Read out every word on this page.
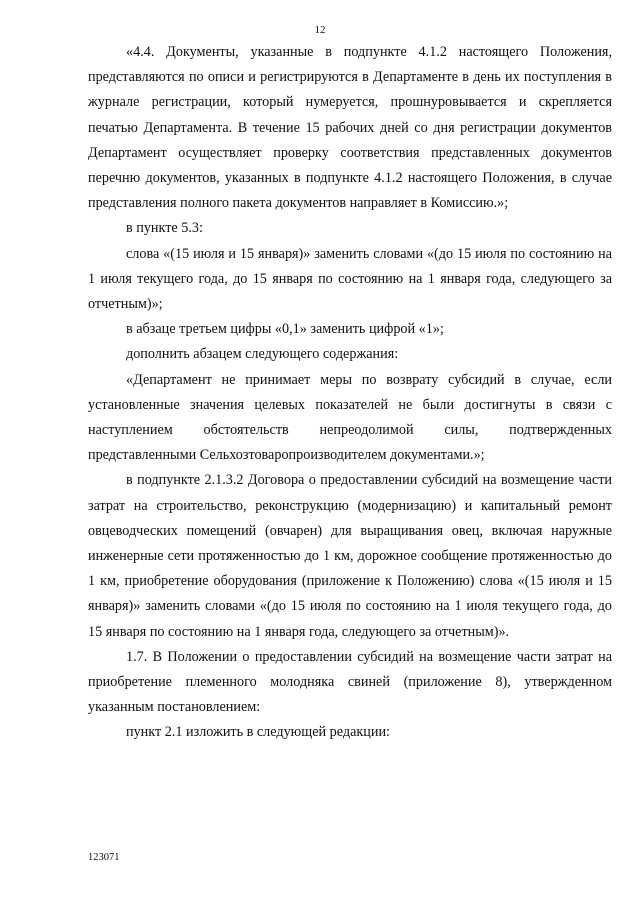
12

«4.4. Документы, указанные в подпункте 4.1.2 настоящего Положения, представляются по описи и регистрируются в Департаменте в день их поступления в журнале регистрации, который нумеруется, прошнуровывается и скрепляется печатью Департамента. В течение 15 рабочих дней со дня регистрации документов Департамент осуществляет проверку соответствия представленных документов перечню документов, указанных в подпункте 4.1.2 настоящего Положения, в случае представления полного пакета документов направляет в Комиссию.»;

в пункте 5.3:

слова «(15 июля и 15 января)» заменить словами «(до 15 июля по состоянию на 1 июля текущего года, до 15 января по состоянию на 1 января года, следующего за отчетным)»;

в абзаце третьем цифры «0,1» заменить цифрой «1»;

дополнить абзацем следующего содержания:

«Департамент не принимает меры по возврату субсидий в случае, если установленные значения целевых показателей не были достигнуты в связи с наступлением обстоятельств непреодолимой силы, подтвержденных представленными Сельхозтоваропроизводителем документами.»;

в подпункте 2.1.3.2 Договора о предоставлении субсидий на возмещение части затрат на строительство, реконструкцию (модернизацию) и капитальный ремонт овцеводческих помещений (овчарен) для выращивания овец, включая наружные инженерные сети протяженностью до 1 км, дорожное сообщение протяженностью до 1 км, приобретение оборудования (приложение к Положению) слова «(15 июля и 15 января)» заменить словами «(до 15 июля по состоянию на 1 июля текущего года, до 15 января по состоянию на 1 января года, следующего за отчетным)».

1.7. В Положении о предоставлении субсидий на возмещение части затрат на приобретение племенного молодняка свиней (приложение 8), утвержденном указанным постановлением:

пункт 2.1 изложить в следующей редакции:

123071
